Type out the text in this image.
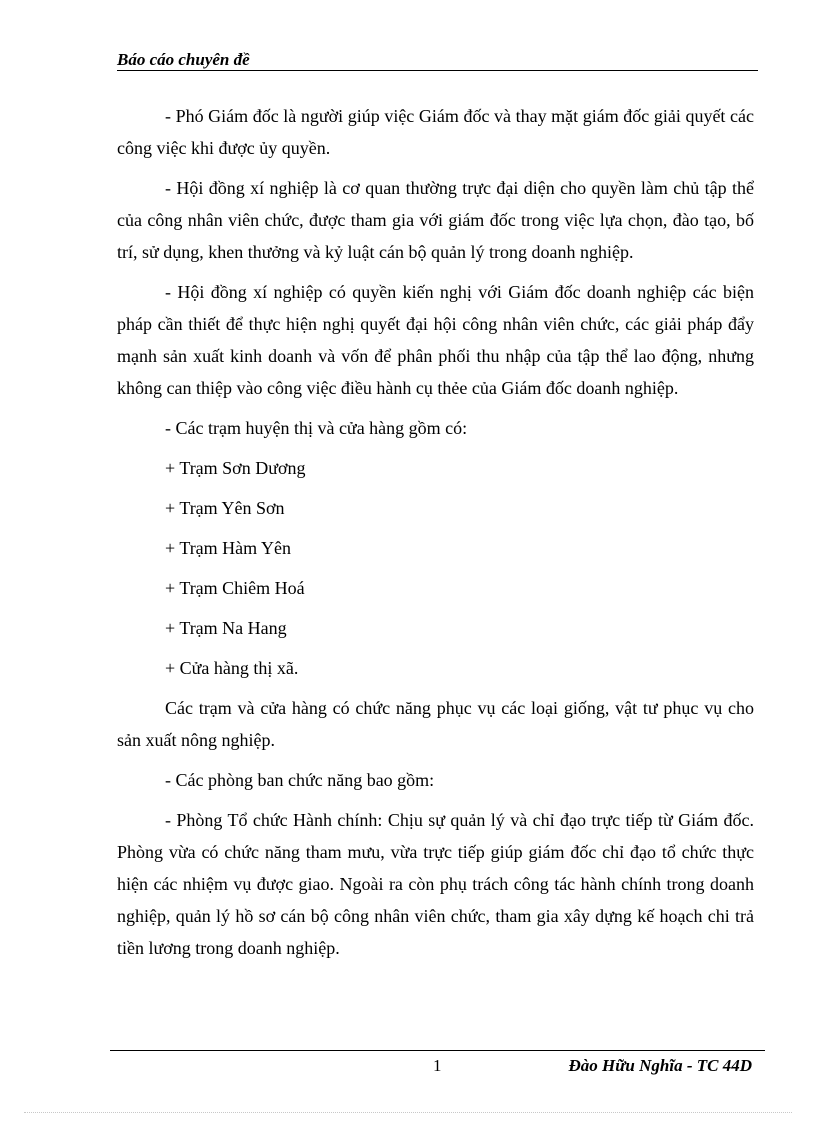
Báo cáo chuyên đề

- Phó Giám đốc là người giúp việc Giám đốc và thay mặt giám đốc giải quyết các công việc khi được ủy quyền.

- Hội đồng xí nghiệp là cơ quan thường trực đại diện cho quyền làm chủ tập thể của công nhân viên chức, được tham gia với giám đốc trong việc lựa chọn, đào tạo, bố trí, sử dụng, khen thưởng và kỷ luật cán bộ quản lý trong doanh nghiệp.

- Hội đồng xí nghiệp có quyền kiến nghị với Giám đốc doanh nghiệp các biện pháp cần thiết để thực hiện nghị quyết đại hội công nhân viên chức, các giải pháp đẩy mạnh sản xuất kinh doanh và vốn để phân phối thu nhập của tập thể lao động, nhưng không can thiệp vào công việc điều hành cụ thẻe của Giám đốc doanh nghiệp.

- Các trạm huyện thị và cửa hàng gồm có:

+ Trạm Sơn Dương

+ Trạm Yên Sơn

+ Trạm Hàm Yên

+ Trạm Chiêm Hoá

+ Trạm Na Hang

+ Cửa hàng thị xã.

Các trạm và cửa hàng có chức năng phục vụ các loại giống, vật tư phục vụ cho sản xuất nông nghiệp.

- Các phòng ban chức năng bao gồm:

- Phòng Tổ chức Hành chính: Chịu sự quản lý và chỉ đạo trực tiếp từ Giám đốc. Phòng vừa có chức năng tham mưu, vừa trực tiếp giúp giám đốc chỉ đạo tổ chức thực hiện các nhiệm vụ được giao. Ngoài ra còn phụ trách công tác hành chính trong doanh nghiệp, quản lý hồ sơ cán bộ công nhân viên chức, tham gia xây dựng kế hoạch chi trả tiền lương trong doanh nghiệp.

1	Đào Hữu Nghĩa - TC 44D
